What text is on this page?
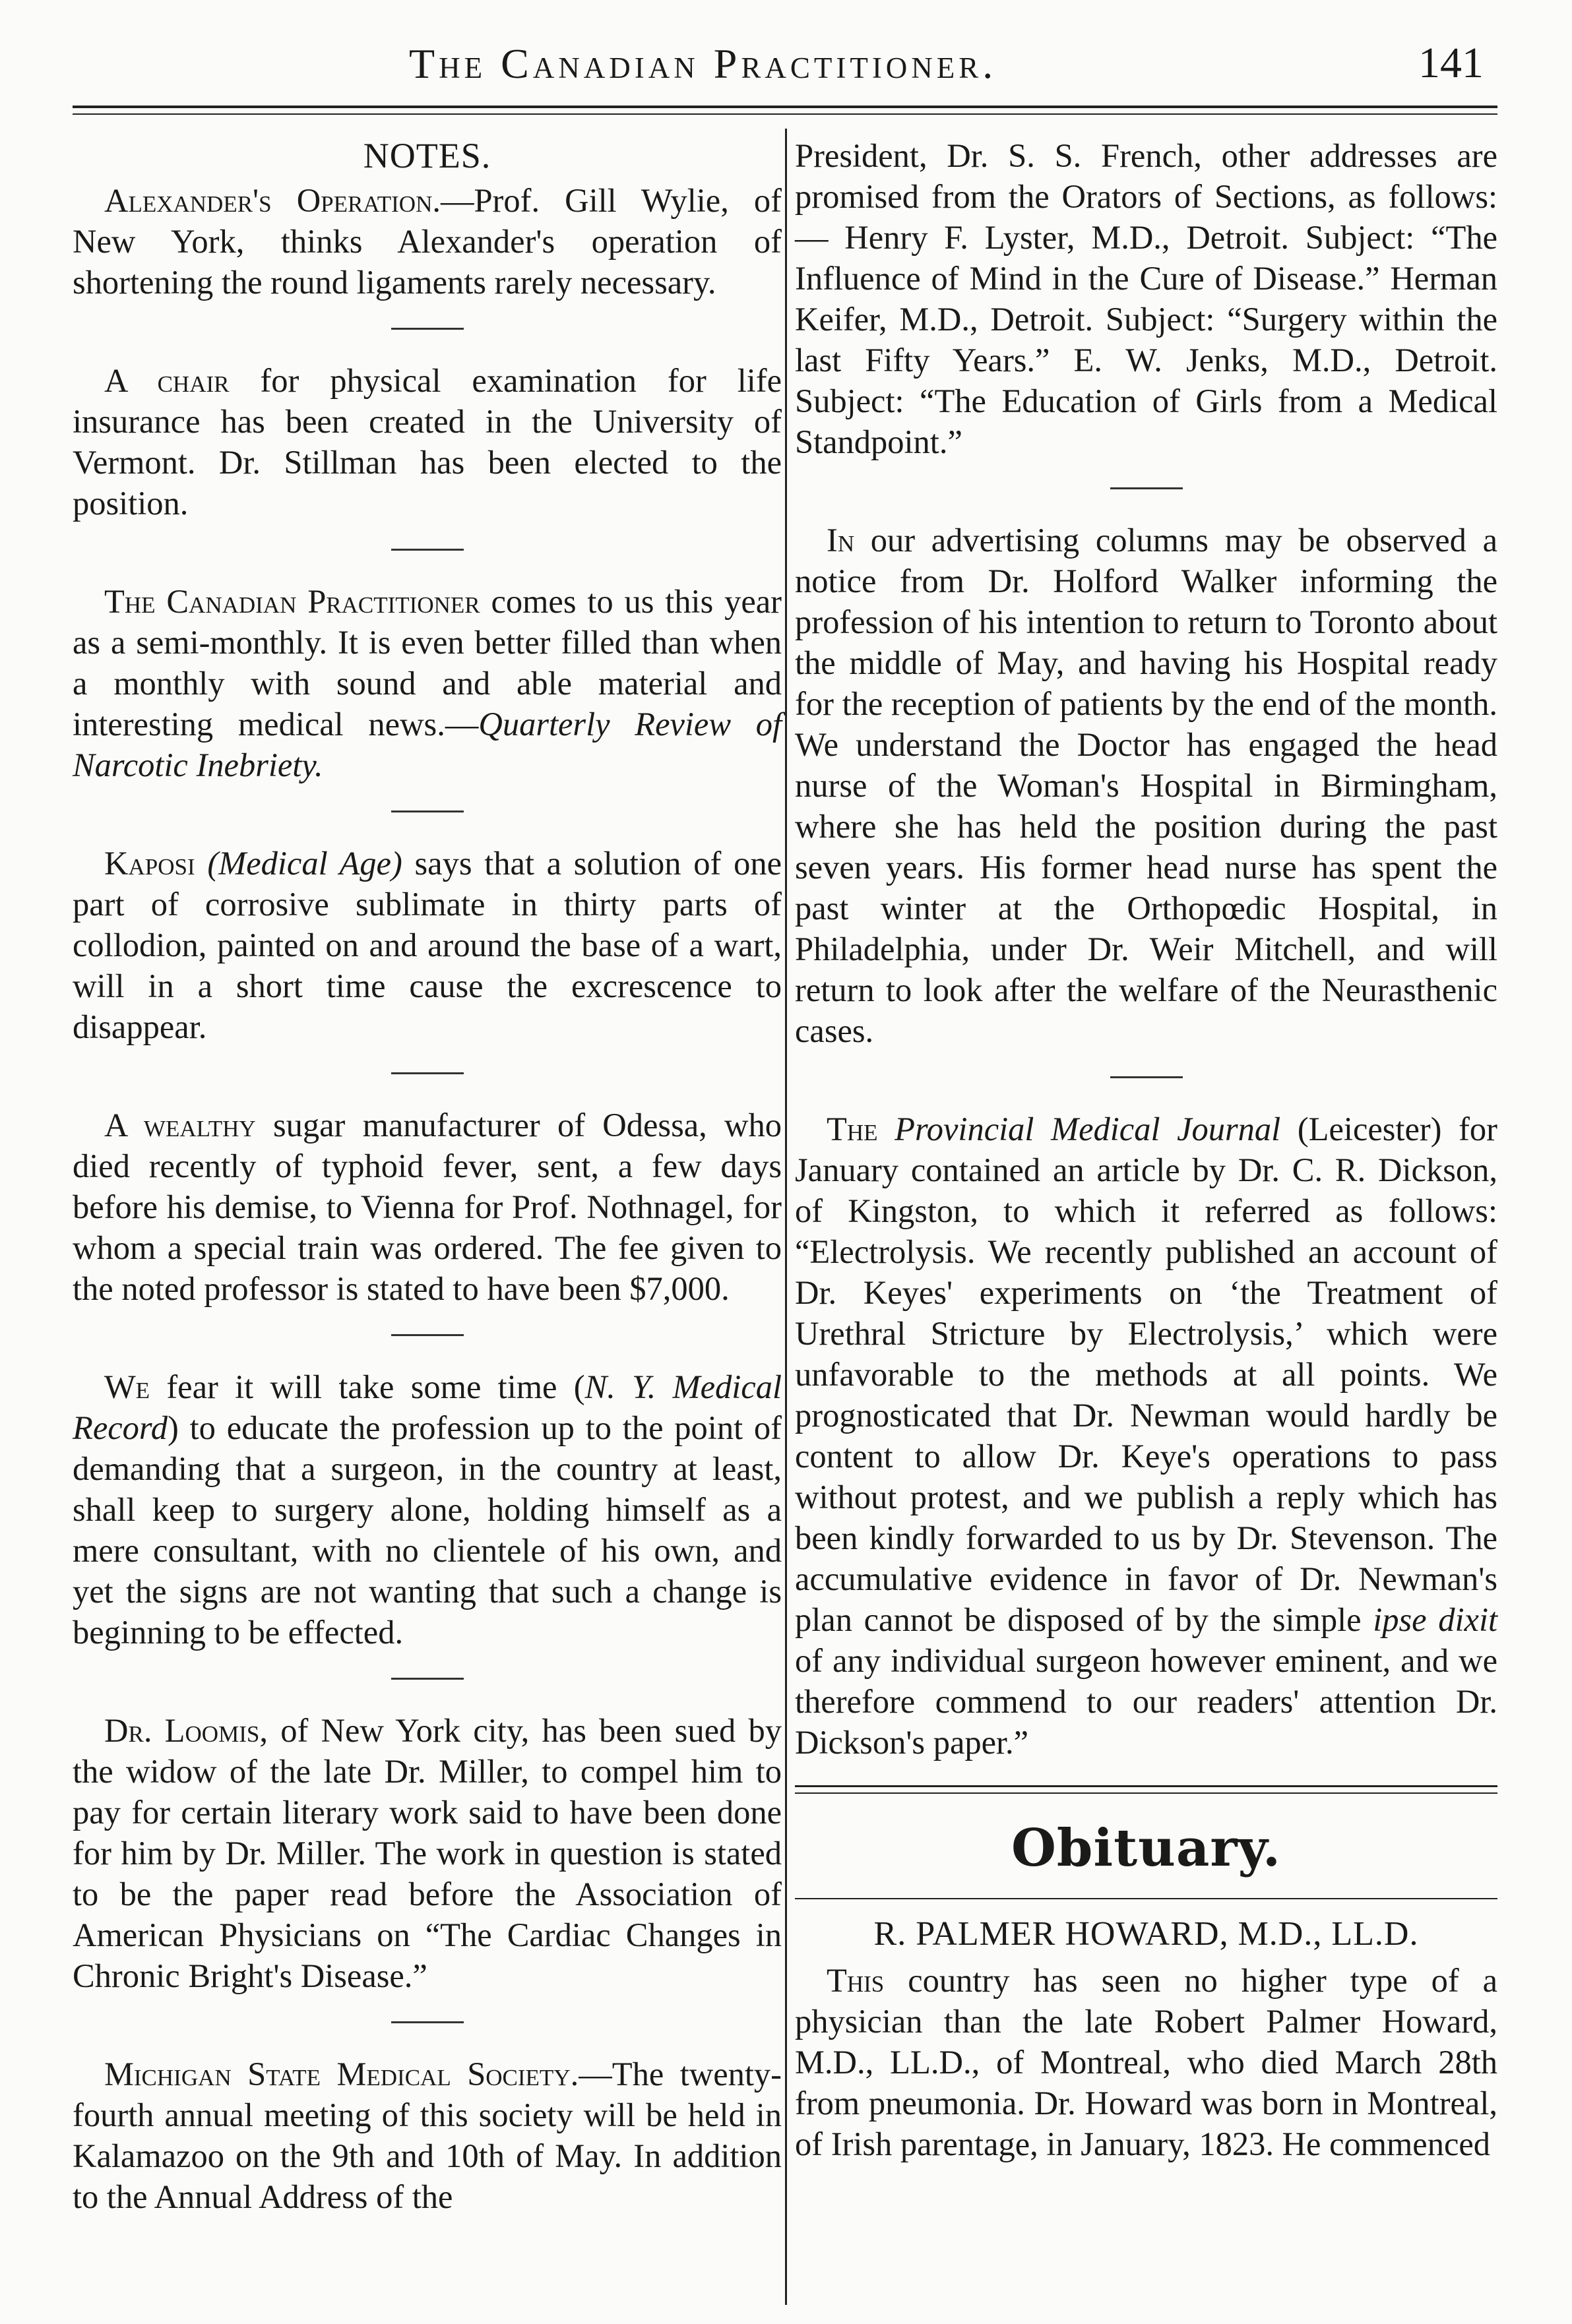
The Canadian Practitioner.	141
NOTES.

Alexander's Operation.—Prof. Gill Wylie, of New York, thinks Alexander's operation of shortening the round ligaments rarely necessary.

A chair for physical examination for life insurance has been created in the University of Vermont. Dr. Stillman has been elected to the position.

The Canadian Practitioner comes to us this year as a semi-monthly. It is even better filled than when a monthly with sound and able material and interesting medical news.—Quarterly Review of Narcotic Inebriety.

Kaposi (Medical Age) says that a solution of one part of corrosive sublimate in thirty parts of collodion, painted on and around the base of a wart, will in a short time cause the excrescence to disappear.

A wealthy sugar manufacturer of Odessa, who died recently of typhoid fever, sent, a few days before his demise, to Vienna for Prof. Nothnagel, for whom a special train was ordered. The fee given to the noted professor is stated to have been $7,000.

We fear it will take some time (N. Y. Medical Record) to educate the profession up to the point of demanding that a surgeon, in the country at least, shall keep to surgery alone, holding himself as a mere consultant, with no clientele of his own, and yet the signs are not wanting that such a change is beginning to be effected.

Dr. Loomis, of New York city, has been sued by the widow of the late Dr. Miller, to compel him to pay for certain literary work said to have been done for him by Dr. Miller. The work in question is stated to be the paper read before the Association of American Physicians on “The Cardiac Changes in Chronic Bright's Disease.”

Michigan State Medical Society.—The twenty-fourth annual meeting of this society will be held in Kalamazoo on the 9th and 10th of May. In addition to the Annual Address of the

President, Dr. S. S. French, other addresses are promised from the Orators of Sections, as follows:— Henry F. Lyster, M.D., Detroit. Subject: “The Influence of Mind in the Cure of Disease.” Herman Keifer, M.D., Detroit. Subject: “Surgery within the last Fifty Years.” E. W. Jenks, M.D., Detroit. Subject: “The Education of Girls from a Medical Standpoint.”

In our advertising columns may be observed a notice from Dr. Holford Walker informing the profession of his intention to return to Toronto about the middle of May, and having his Hospital ready for the reception of patients by the end of the month. We understand the Doctor has engaged the head nurse of the Woman's Hospital in Birmingham, where she has held the position during the past seven years. His former head nurse has spent the past winter at the Orthopœdic Hospital, in Philadelphia, under Dr. Weir Mitchell, and will return to look after the welfare of the Neurasthenic cases.

The Provincial Medical Journal (Leicester) for January contained an article by Dr. C. R. Dickson, of Kingston, to which it referred as follows: “Electrolysis. We recently published an account of Dr. Keyes' experiments on ‘the Treatment of Urethral Stricture by Electrolysis,’ which were unfavorable to the methods at all points. We prognosticated that Dr. Newman would hardly be content to allow Dr. Keye's operations to pass without protest, and we publish a reply which has been kindly forwarded to us by Dr. Stevenson. The accumulative evidence in favor of Dr. Newman's plan cannot be disposed of by the simple ipse dixit of any individual surgeon however eminent, and we therefore commend to our readers' attention Dr. Dickson's paper.”

Obituary.
R. PALMER HOWARD, M.D., LL.D.

This country has seen no higher type of a physician than the late Robert Palmer Howard, M.D., LL.D., of Montreal, who died March 28th from pneumonia. Dr. Howard was born in Montreal, of Irish parentage, in January, 1823. He commenced
